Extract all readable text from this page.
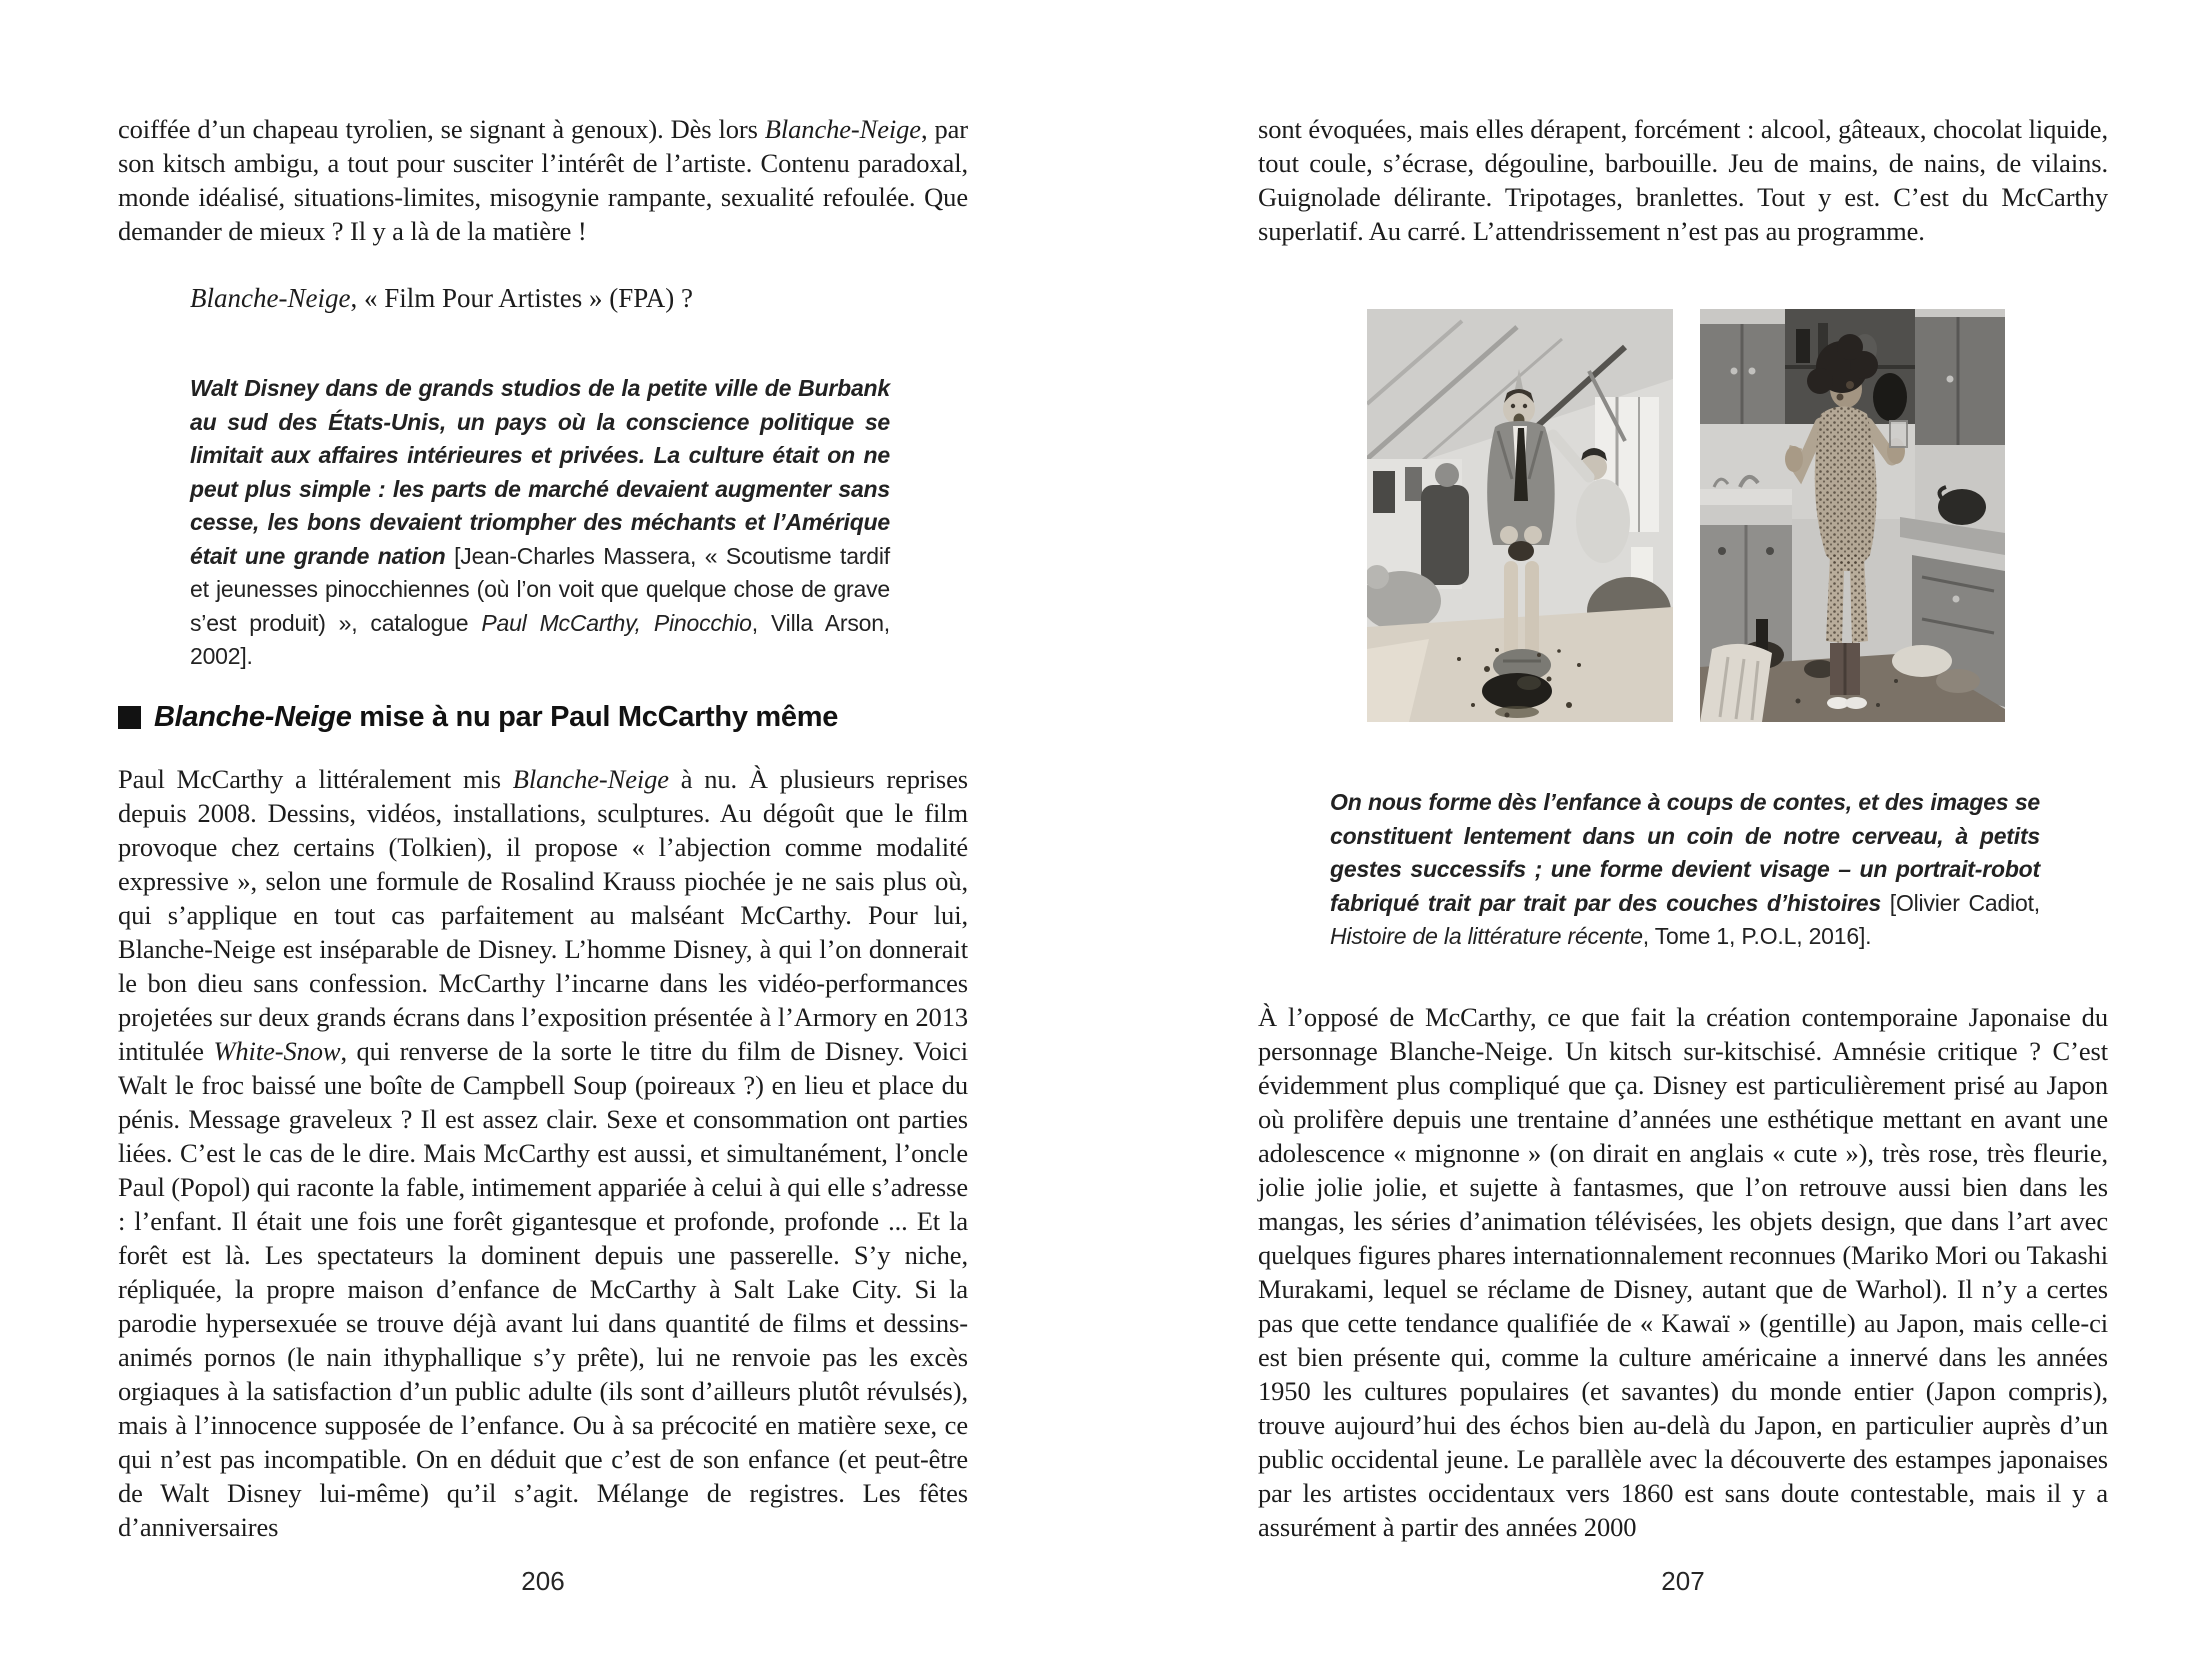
coiffée d’un chapeau tyrolien, se signant à genoux). Dès lors Blanche-Neige, par son kitsch ambigu, a tout pour susciter l’intérêt de l’artiste. Contenu paradoxal, monde idéalisé, situations-limites, misogynie rampante, sexualité refoulée. Que demander de mieux ? Il y a là de la matière !

Blanche-Neige, « Film Pour Artistes » (FPA) ?

Walt Disney dans de grands studios de la petite ville de Burbank au sud des États-Unis, un pays où la conscience politique se limitait aux affaires intérieures et privées. La culture était on ne peut plus simple : les parts de marché devaient augmenter sans cesse, les bons devaient triompher des méchants et l’Amérique était une grande nation [Jean-Charles Massera, « Scoutisme tardif et jeunesses pinocchiennes (où l’on voit que quelque chose de grave s’est produit) », catalogue Paul McCarthy, Pinocchio, Villa Arson, 2002].
Blanche-Neige mise à nu par Paul McCarthy même

Paul McCarthy a littéralement mis Blanche-Neige à nu. À plusieurs reprises depuis 2008. Dessins, vidéos, installations, sculptures. Au dégoût que le film provoque chez certains (Tolkien), il propose « l’abjection comme modalité expressive », selon une formule de Rosalind Krauss piochée je ne sais plus où, qui s’applique en tout cas parfaitement au malséant McCarthy. Pour lui, Blanche-Neige est inséparable de Disney. L’homme Disney, à qui l’on donnerait le bon dieu sans confession. McCarthy l’incarne dans les vidéo-performances projetées sur deux grands écrans dans l’exposition présentée à l’Armory en 2013 intitulée White-Snow, qui renverse de la sorte le titre du film de Disney. Voici Walt le froc baissé une boîte de Campbell Soup (poireaux ?) en lieu et place du pénis. Message graveleux ? Il est assez clair. Sexe et consommation ont parties liées. C’est le cas de le dire. Mais McCarthy est aussi, et simultanément, l’oncle Paul (Popol) qui raconte la fable, intimement appariée à celui à qui elle s’adresse : l’enfant. Il était une fois une forêt gigantesque et profonde, profonde ... Et la forêt est là. Les spectateurs la dominent depuis une passerelle. S’y niche, répliquée, la propre maison d’enfance de McCarthy à Salt Lake City. Si la parodie hypersexuée se trouve déjà avant lui dans quantité de films et dessins-animés pornos (le nain ithyphallique s’y prête), lui ne renvoie pas les excès orgiaques à la satisfaction d’un public adulte (ils sont d’ailleurs plutôt révulsés), mais à l’innocence supposée de l’enfance. Ou à sa précocité en matière sexe, ce qui n’est pas incompatible. On en déduit que c’est de son enfance (et peut-être de Walt Disney lui-même) qu’il s’agit. Mélange de registres. Les fêtes d’anniversaires

206

sont évoquées, mais elles dérapent, forcément : alcool, gâteaux, chocolat liquide, tout coule, s’écrase, dégouline, barbouille. Jeu de mains, de nains, de vilains. Guignolade délirante. Tripotages, branlettes. Tout y est. C’est du McCarthy superlatif. Au carré. L’attendrissement n’est pas au programme.

On nous forme dès l’enfance à coups de contes, et des images se constituent lentement dans un coin de notre cerveau, à petits gestes successifs ; une forme devient visage – un portrait-robot fabriqué trait par trait par des couches d’histoires [Olivier Cadiot, Histoire de la littérature récente, Tome 1, P.O.L, 2016].

À l’opposé de McCarthy, ce que fait la création contemporaine Japonaise du personnage Blanche-Neige. Un kitsch sur-kitschisé. Amnésie critique ? C’est évidemment plus compliqué que ça. Disney est particulièrement prisé au Japon où prolifère depuis une trentaine d’années une esthétique mettant en avant une adolescence « mignonne » (on dirait en anglais « cute »), très rose, très fleurie, jolie jolie jolie, et sujette à fantasmes, que l’on retrouve aussi bien dans les mangas, les séries d’animation télévisées, les objets design, que dans l’art avec quelques figures phares internationnalement reconnues (Mariko Mori ou Takashi Murakami, lequel se réclame de Disney, autant que de Warhol). Il n’y a certes pas que cette tendance qualifiée de « Kawaï » (gentille) au Japon, mais celle-ci est bien présente qui, comme la culture américaine a innervé dans les années 1950 les cultures populaires (et savantes) du monde entier (Japon compris), trouve aujourd’hui des échos bien au-delà du Japon, en particulier auprès d’un public occidental jeune. Le parallèle avec la découverte des estampes japonaises par les artistes occidentaux vers 1860 est sans doute contestable, mais il y a assurément à partir des années 2000

207
